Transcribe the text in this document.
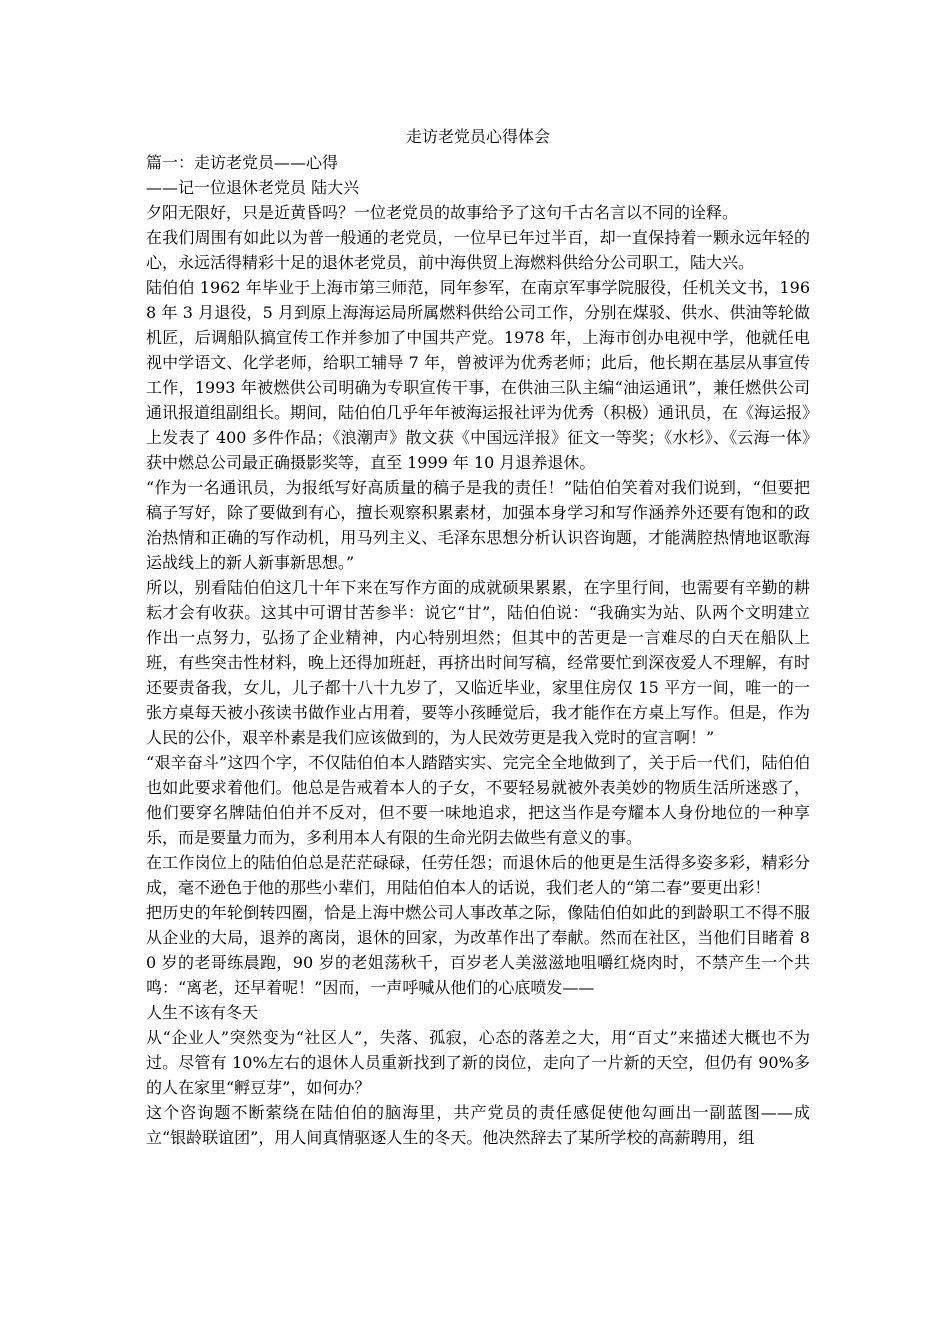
走访老党员心得体会

篇一：走访老党员——心得

——记一位退休老党员 陆大兴

夕阳无限好，只是近黄昏吗？一位老党员的故事给予了这句千古名言以不同的诠释。

在我们周围有如此以为普一般通的老党员，一位早已年过半百，却一直保持着一颗永远年轻的心，永远活得精彩十足的退休老党员，前中海供贸上海燃料供给分公司职工，陆大兴。

陆伯伯 1962 年毕业于上海市第三师范，同年参军，在南京军事学院服役，任机关文书，1968 年 3 月退役，5 月到原上海海运局所属燃料供给公司工作，分别在煤驳、供水、供油等轮做机匠，后调船队搞宣传工作并参加了中国共产党。1978 年，上海市创办电视中学，他就任电视中学语文、化学老师，给职工辅导 7 年，曾被评为优秀老师；此后，他长期在基层从事宣传工作，1993 年被燃供公司明确为专职宣传干事，在供油三队主编“油运通讯”，兼任燃供公司通讯报道组副组长。期间，陆伯伯几乎年年被海运报社评为优秀（积极）通讯员，在《海运报》上发表了 400 多件作品；《浪潮声》散文获《中国远洋报》征文一等奖；《水杉》、《云海一体》获中燃总公司最正确摄影奖等，直至 1999 年 10 月退养退休。

“作为一名通讯员，为报纸写好高质量的稿子是我的责任！”陆伯伯笑着对我们说到，“但要把稿子写好，除了要做到有心，擅长观察积累素材，加强本身学习和写作涵养外还要有饱和的政治热情和正确的写作动机，用马列主义、毛泽东思想分析认识咨询题，才能满腔热情地讴歌海运战线上的新人新事新思想。”

所以，别看陆伯伯这几十年下来在写作方面的成就硕果累累，在字里行间，也需要有辛勤的耕耘才会有收获。这其中可谓甘苦参半：说它“甘”，陆伯伯说：“我确实为站、队两个文明建立作出一点努力，弘扬了企业精神，内心特别坦然；但其中的苦更是一言难尽的白天在船队上班，有些突击性材料，晚上还得加班赶，再挤出时间写稿，经常要忙到深夜爱人不理解，有时还要责备我，女儿，儿子都十八十九岁了，又临近毕业，家里住房仅 15 平方一间，唯一的一张方桌每天被小孩读书做作业占用着，要等小孩睡觉后，我才能作在方桌上写作。但是，作为人民的公仆，艰辛朴素是我们应该做到的，为人民效劳更是我入党时的宣言啊！”

“艰辛奋斗”这四个字，不仅陆伯伯本人踏踏实实、完完全全地做到了，关于后一代们，陆伯伯也如此要求着他们。他总是告戒着本人的子女，不要轻易就被外表美妙的物质生活所迷惑了，他们要穿名牌陆伯伯并不反对，但不要一味地追求，把这当作是夸耀本人身份地位的一种享乐，而是要量力而为，多利用本人有限的生命光阴去做些有意义的事。

在工作岗位上的陆伯伯总是茫茫碌碌，任劳任怨；而退休后的他更是生活得多姿多彩，精彩分成，毫不逊色于他的那些小辈们，用陆伯伯本人的话说，我们老人的“第二春”要更出彩！

把历史的年轮倒转四圈，恰是上海中燃公司人事改革之际，像陆伯伯如此的到龄职工不得不服从企业的大局，退养的离岗，退休的回家，为改革作出了奉献。然而在社区，当他们目睹着 80 岁的老哥练晨跑，90 岁的老姐荡秋千，百岁老人美滋滋地咀嚼红烧肉时，不禁产生一个共鸣：“离老，还早着呢！”因而，一声呼喊从他们的心底喷发——

人生不该有冬天

从“企业人”突然变为“社区人”，失落、孤寂，心态的落差之大，用“百丈”来描述大概也不为过。尽管有 10%左右的退休人员重新找到了新的岗位，走向了一片新的天空，但仍有 90%多的人在家里“孵豆芽”，如何办？

这个咨询题不断萦绕在陆伯伯的脑海里，共产党员的责任感促使他勾画出一副蓝图——成立“银龄联谊团”，用人间真情驱逐人生的冬天。他决然辞去了某所学校的高薪聘用，组
